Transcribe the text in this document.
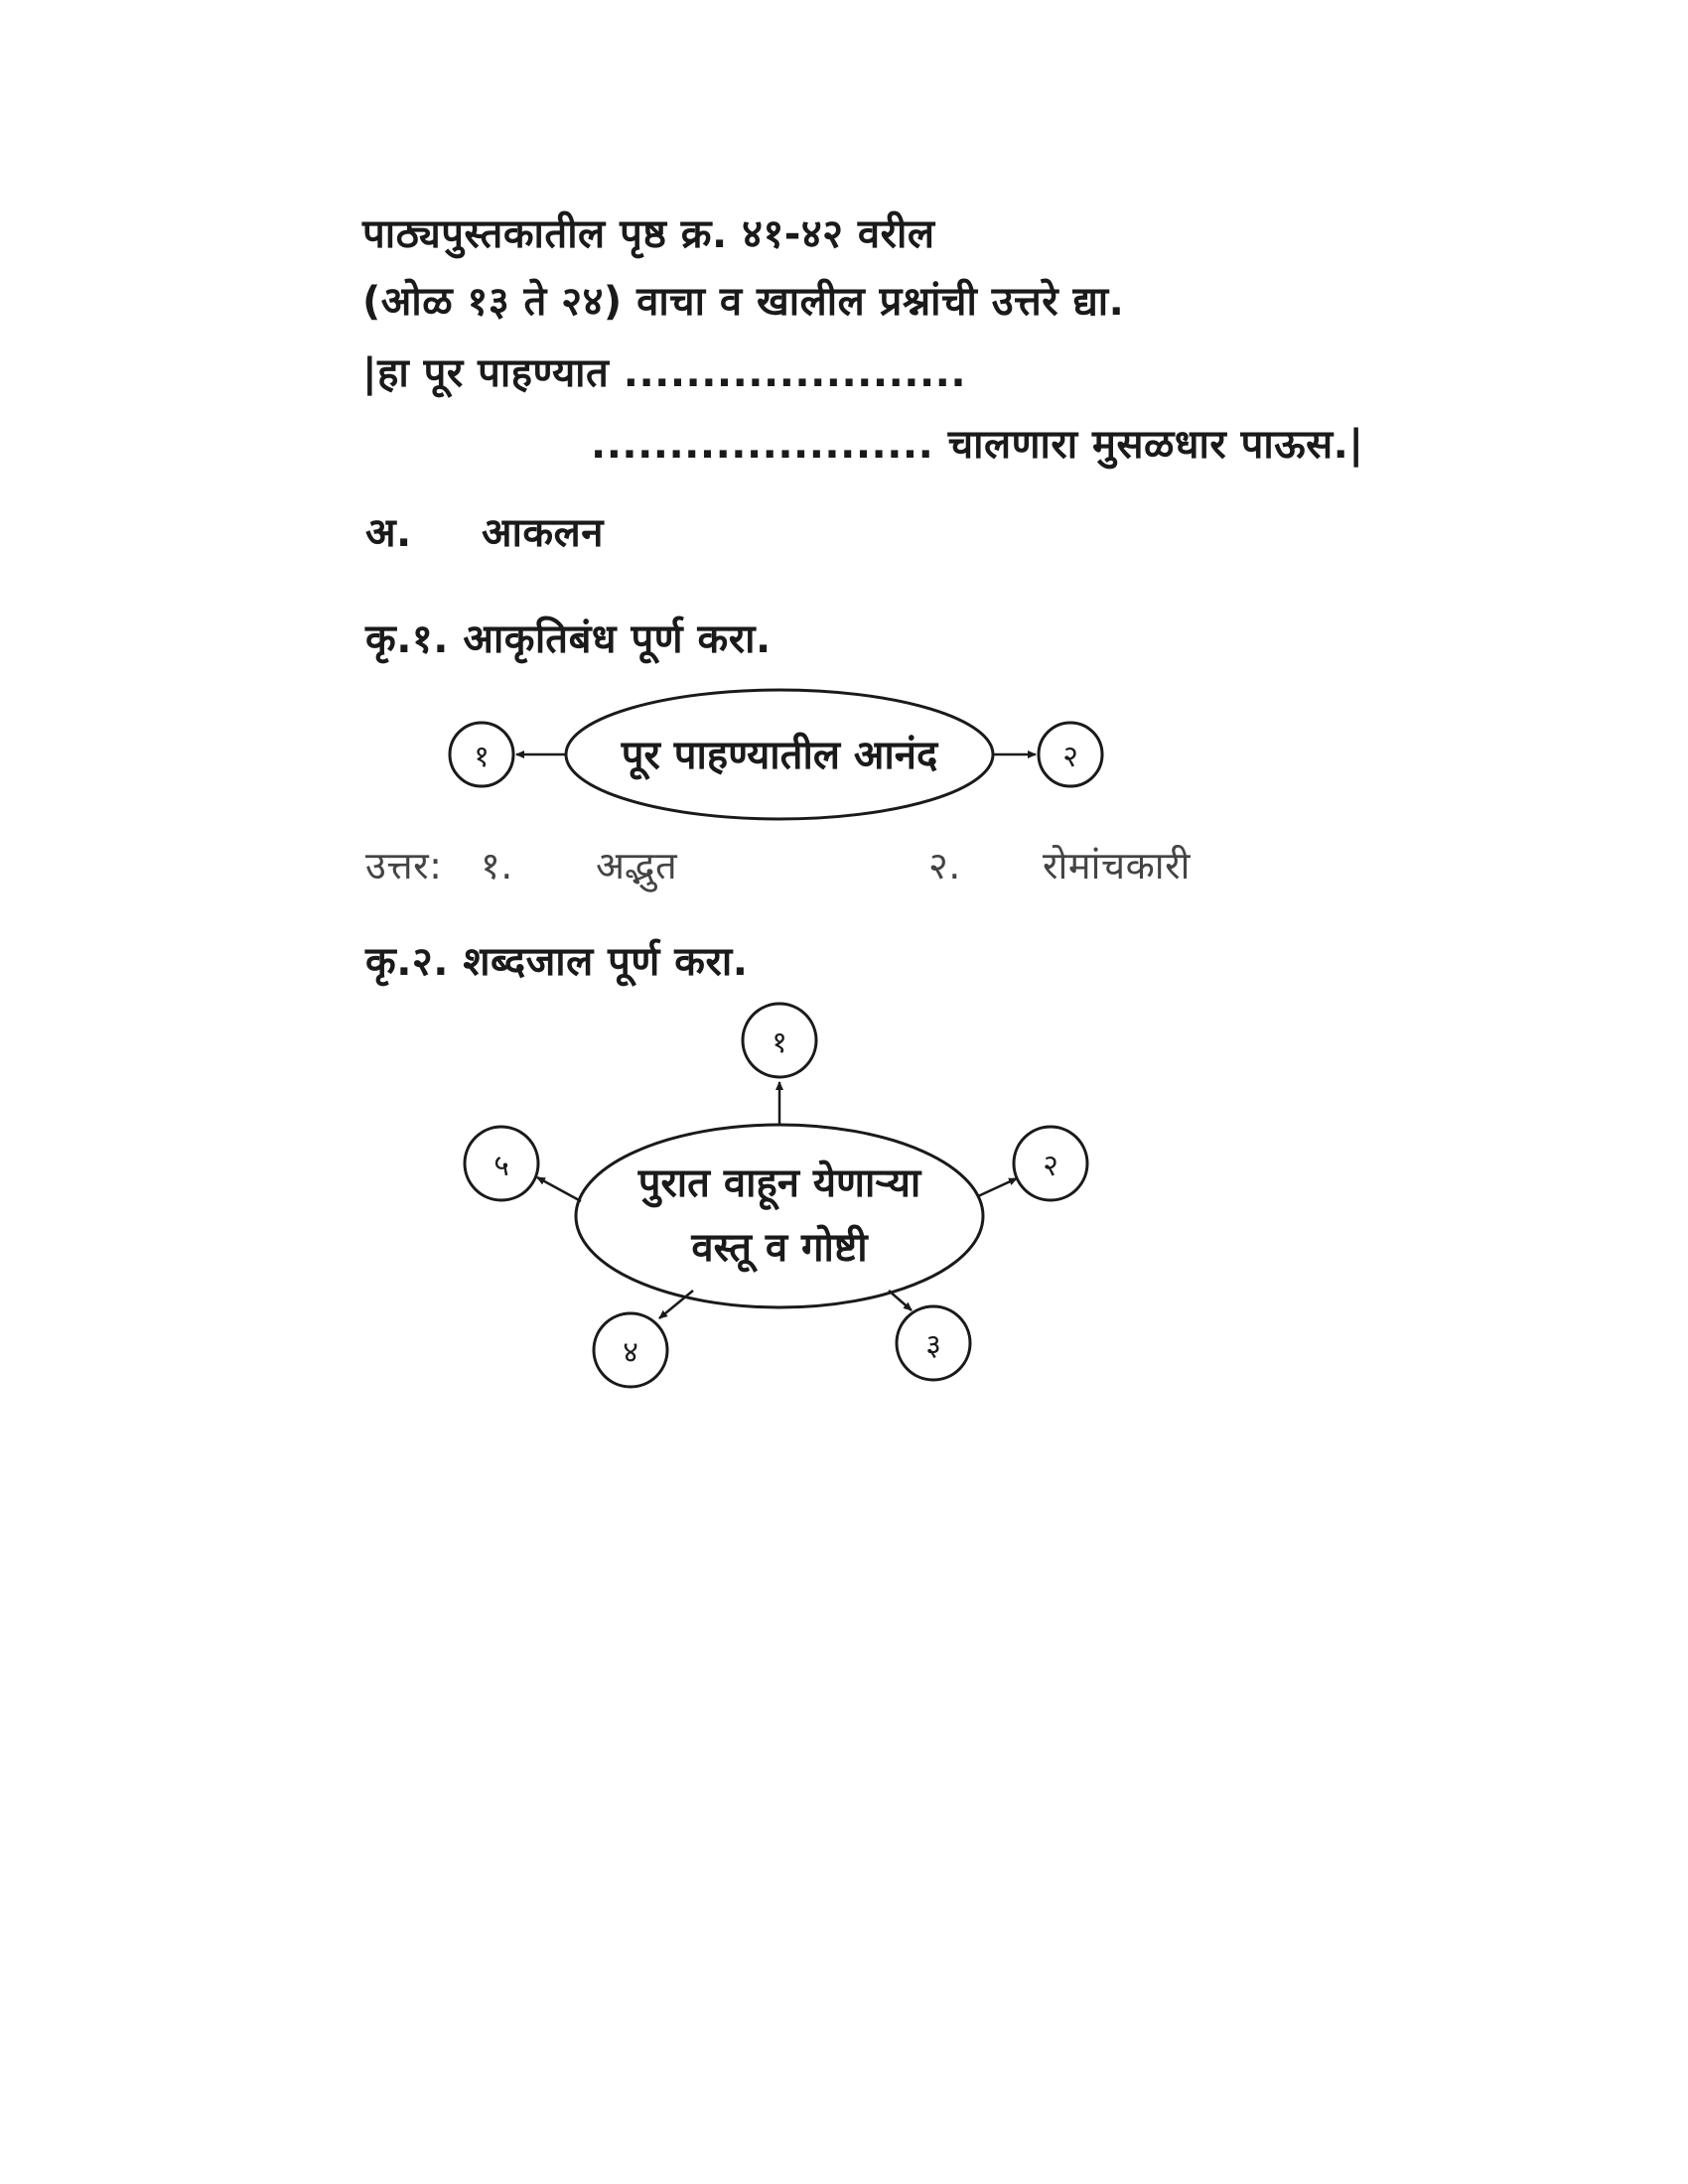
पाठ्यपुस्तकातील पृष्ठ क्र. ४१-४२ वरील
(ओळ १३ ते २४) वाचा व खालील प्रश्नांची उत्तरे द्या.
|हा पूर पाहण्यात ......................
...................... चालणारा मुसळधार पाऊस.|
अ. आकलन
कृ.१. आकृतिबंध पूर्ण करा.
पूर पाहण्यातील आनंद
१	२
पुरात वाहून येणाऱ्या
वस्तू व गोष्टी
१
२
३
४
५
उत्तर: १. अद्भुत	२. रोमांचकारी
कृ.२. शब्दजाल पूर्ण करा.
